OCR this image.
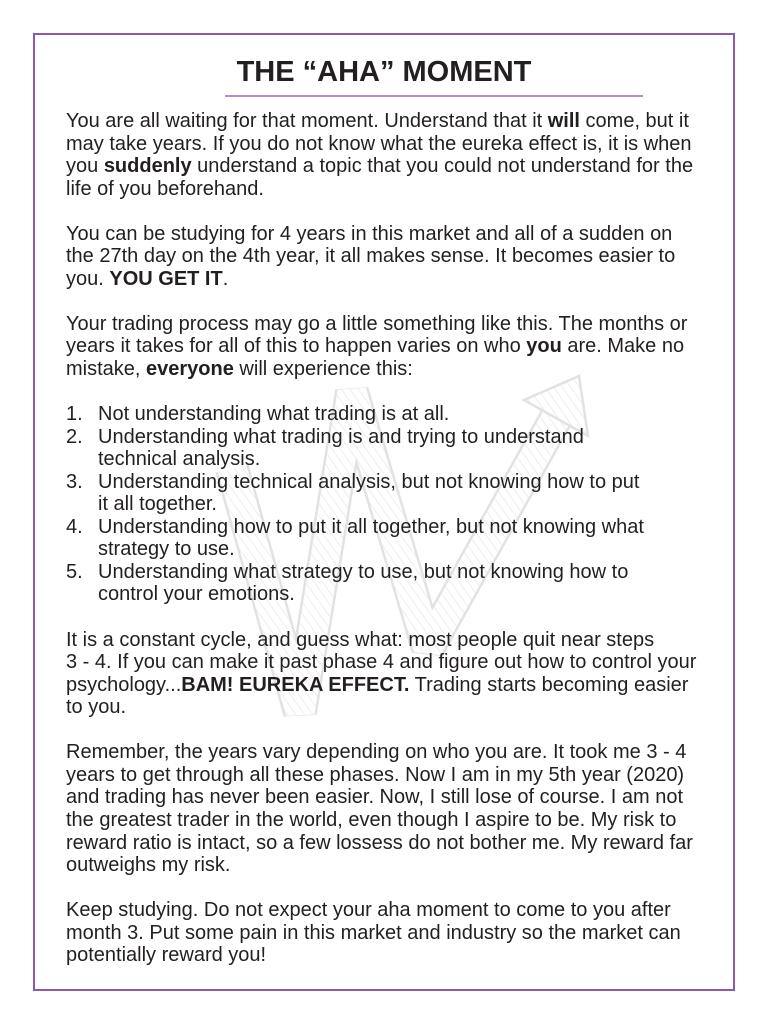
THE “AHA” MOMENT
You are all waiting for that moment. Understand that it will come, but it
may take years. If you do not know what the eureka effect is, it is when
you suddenly understand a topic that you could not understand for the
life of you beforehand.
You can be studying for 4 years in this market and all of a sudden on
the 27th day on the 4th year, it all makes sense. It becomes easier to
you. YOU GET IT.
Your trading process may go a little something like this. The months or
years it takes for all of this to happen varies on who you are. Make no
mistake, everyone will experience this:
1. Not understanding what trading is at all.
2. Understanding what trading is and trying to understand
technical analysis.
3. Understanding technical analysis, but not knowing how to put
it all together.
4. Understanding how to put it all together, but not knowing what
strategy to use.
5. Understanding what strategy to use, but not knowing how to
control your emotions.
It is a constant cycle, and guess what: most people quit near steps
3 - 4. If you can make it past phase 4 and figure out how to control your
psychology...BAM! EUREKA EFFECT. Trading starts becoming easier
to you.
Remember, the years vary depending on who you are. It took me 3 - 4
years to get through all these phases. Now I am in my 5th year (2020)
and trading has never been easier. Now, I still lose of course. I am not
the greatest trader in the world, even though I aspire to be. My risk to
reward ratio is intact, so a few lossess do not bother me. My reward far
outweighs my risk.
Keep studying. Do not expect your aha moment to come to you after
month 3. Put some pain in this market and industry so the market can
potentially reward you!
